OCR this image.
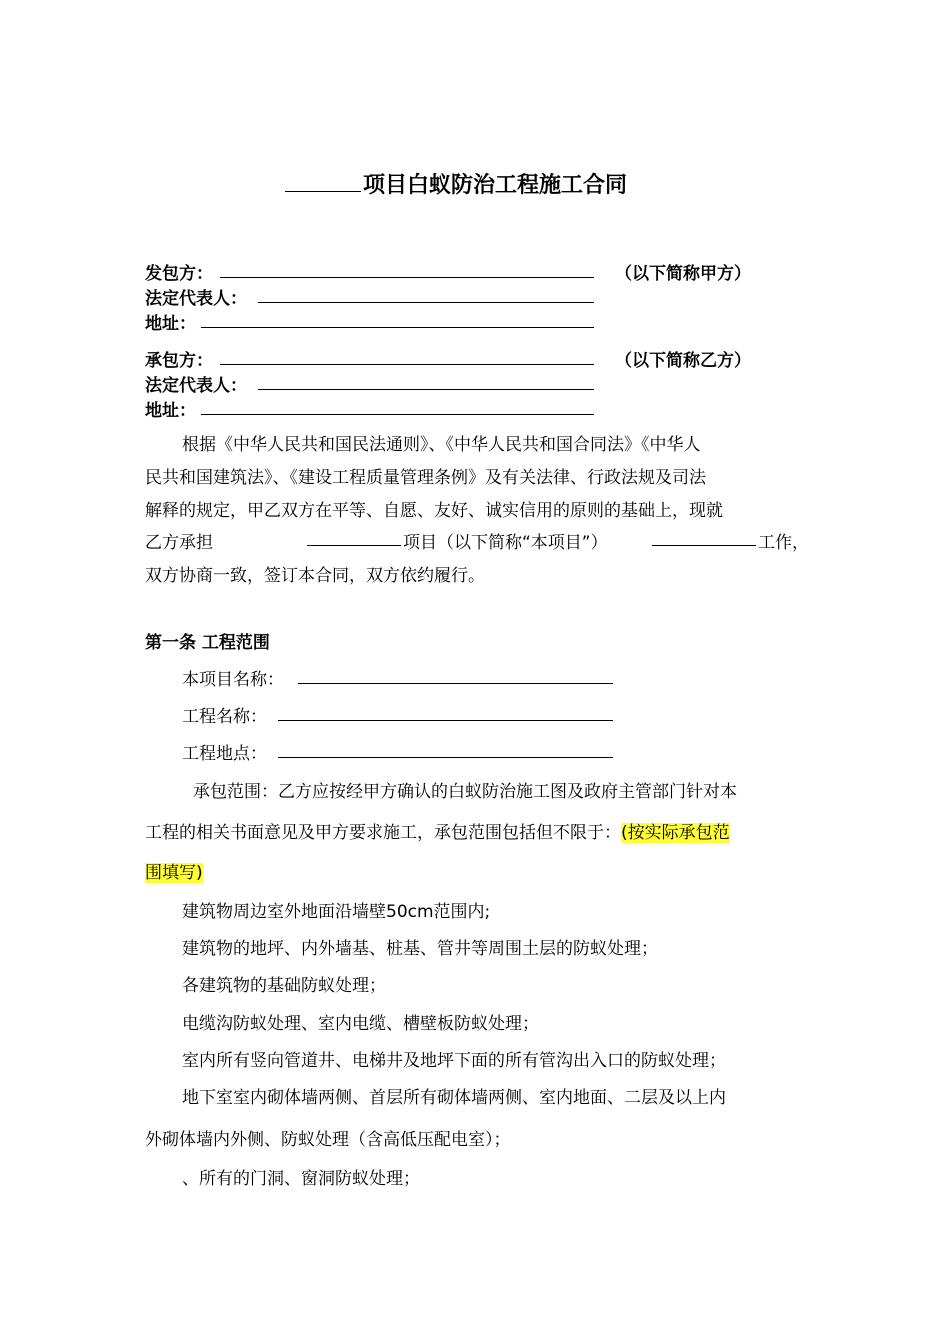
项目白蚁防治工程施工合同
发包方：	（以下简称甲方）
法定代表人：
地址：
承包方：	（以下简称乙方）
法定代表人：
地址：
根据《中华人民共和国民法通则》、《中华人民共和国合同法》《中华人
民共和国建筑法》、《建设工程质量管理条例》及有关法律、行政法规及司法
解释的规定，甲乙双方在平等、自愿、友好、诚实信用的原则的基础上，现就
乙方承担	项目（以下简称“本项目”）	工作，
双方协商一致，签订本合同，双方依约履行。
第一条 工程范围
本项目名称：
工程名称：
工程地点：
承包范围：乙方应按经甲方确认的白蚁防治施工图及政府主管部门针对本
工程的相关书面意见及甲方要求施工，承包范围包括但不限于：(按实际承包范
围填写)
建筑物周边室外地面沿墙壁50cm范围内;
建筑物的地坪、内外墙基、桩基、管井等周围土层的防蚁处理；
各建筑物的基础防蚁处理；
电缆沟防蚁处理、室内电缆、槽壁板防蚁处理；
室内所有竖向管道井、电梯井及地坪下面的所有管沟出入口的防蚁处理；
地下室室内砌体墙两侧、首层所有砌体墙两侧、室内地面、二层及以上内
外砌体墙内外侧、防蚁处理（含高低压配电室）；
、所有的门洞、窗洞防蚁处理；
